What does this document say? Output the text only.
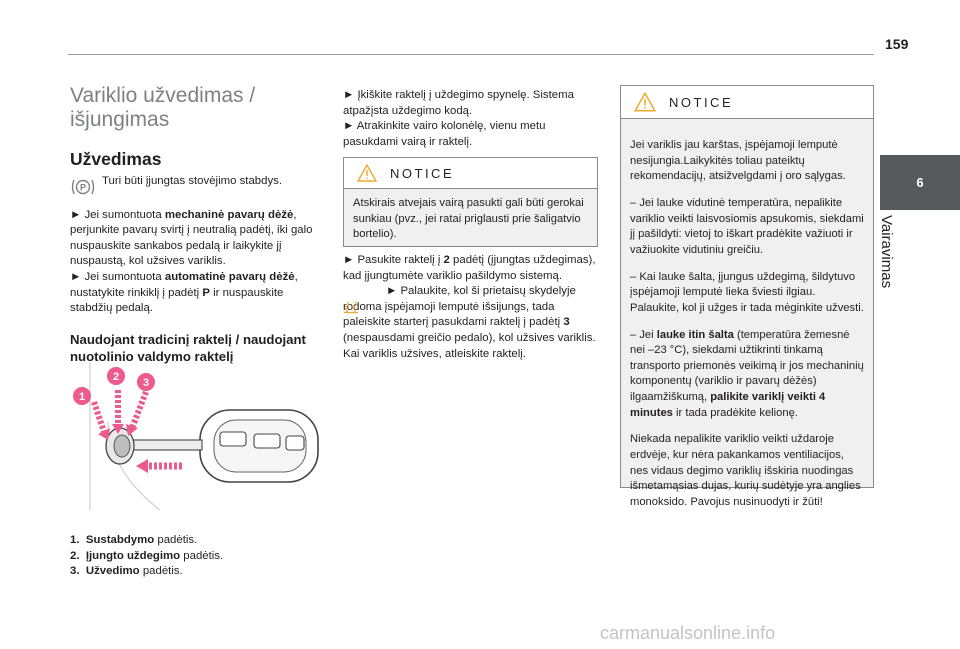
159
6
Vairavimas
Variklio užvedimas /
išjungimas
Užvedimas
P

Turi būti įjungtas stovėjimo stabdys.

► Jei sumontuota mechaninė pavarų dėžė, perjunkite pavarų svirtį į neutralią padėtį, iki galo nuspauskite sankabos pedalą ir laikykite jį nuspaustą, kol užsives variklis.

► Jei sumontuota automatinė pavarų dėžė, nustatykite rinkiklį į padėtį P ir nuspauskite stabdžių pedalą.

Naudojant tradicinį raktelį / naudojant
nuotolinio valdymo raktelį
1
2 3

1. Sustabdymo padėtis.

2. Įjungto uždegimo padėtis.

3. Užvedimo padėtis.

► Įkiškite raktelį į uždegimo spynelę. Sistema atpažįsta uždegimo kodą.

► Atrakinkite vairo kolonėlę, vienu metu pasukdami vairą ir raktelį.

NOTICE
Atskirais atvejais vairą pasukti gali būti gerokai sunkiau (pvz., jei ratai priglausti prie šaligatvio bortelio).

► Pasukite raktelį į 2 padėtį (įjungtas uždegimas), kad įjungtumėte variklio pašildymo sistemą.

► Palaukite, kol ši prietaisų skydelyje rodoma įspėjamoji lemputė išsijungs, tada paleiskite starterį pasukdami raktelį į padėtį 3 (nespausdami greičio pedalo), kol užsives variklis. Kai variklis užsives, atleiskite raktelį.

NOTICE

Jei variklis jau karštas, įspėjamoji lemputė nesijungia.Laikykitės toliau pateiktų rekomendacijų, atsižvelgdami į oro sąlygas.

– Jei lauke vidutinė temperatūra, nepalikite variklio veikti laisvosiomis apsukomis, siekdami jį pašildyti: vietoj to iškart pradėkite važiuoti ir važiuokite vidutiniu greičiu.

– Kai lauke šalta, įjungus uždegimą, šildytuvo įspėjamoji lemputė lieka šviesti ilgiau. Palaukite, kol ji užges ir tada mėginkite užvesti.

– Jei lauke itin šalta (temperatūra žemesnė nei –23 °C), siekdami užtikrinti tinkamą transporto priemonės veikimą ir jos mechaninių komponentų (variklio ir pavarų dėžės) ilgaamžiškumą, palikite variklį veikti 4 minutes ir tada pradėkite kelionę.

Niekada nepalikite variklio veikti uždaroje erdvėje, kur nėra pakankamos ventiliacijos, nes vidaus degimo variklių išskiria nuodingas išmetamąsias dujas, kurių sudėtyje yra anglies monoksido. Pavojus nusinuodyti ir žūti!

carmanualsonline.info
